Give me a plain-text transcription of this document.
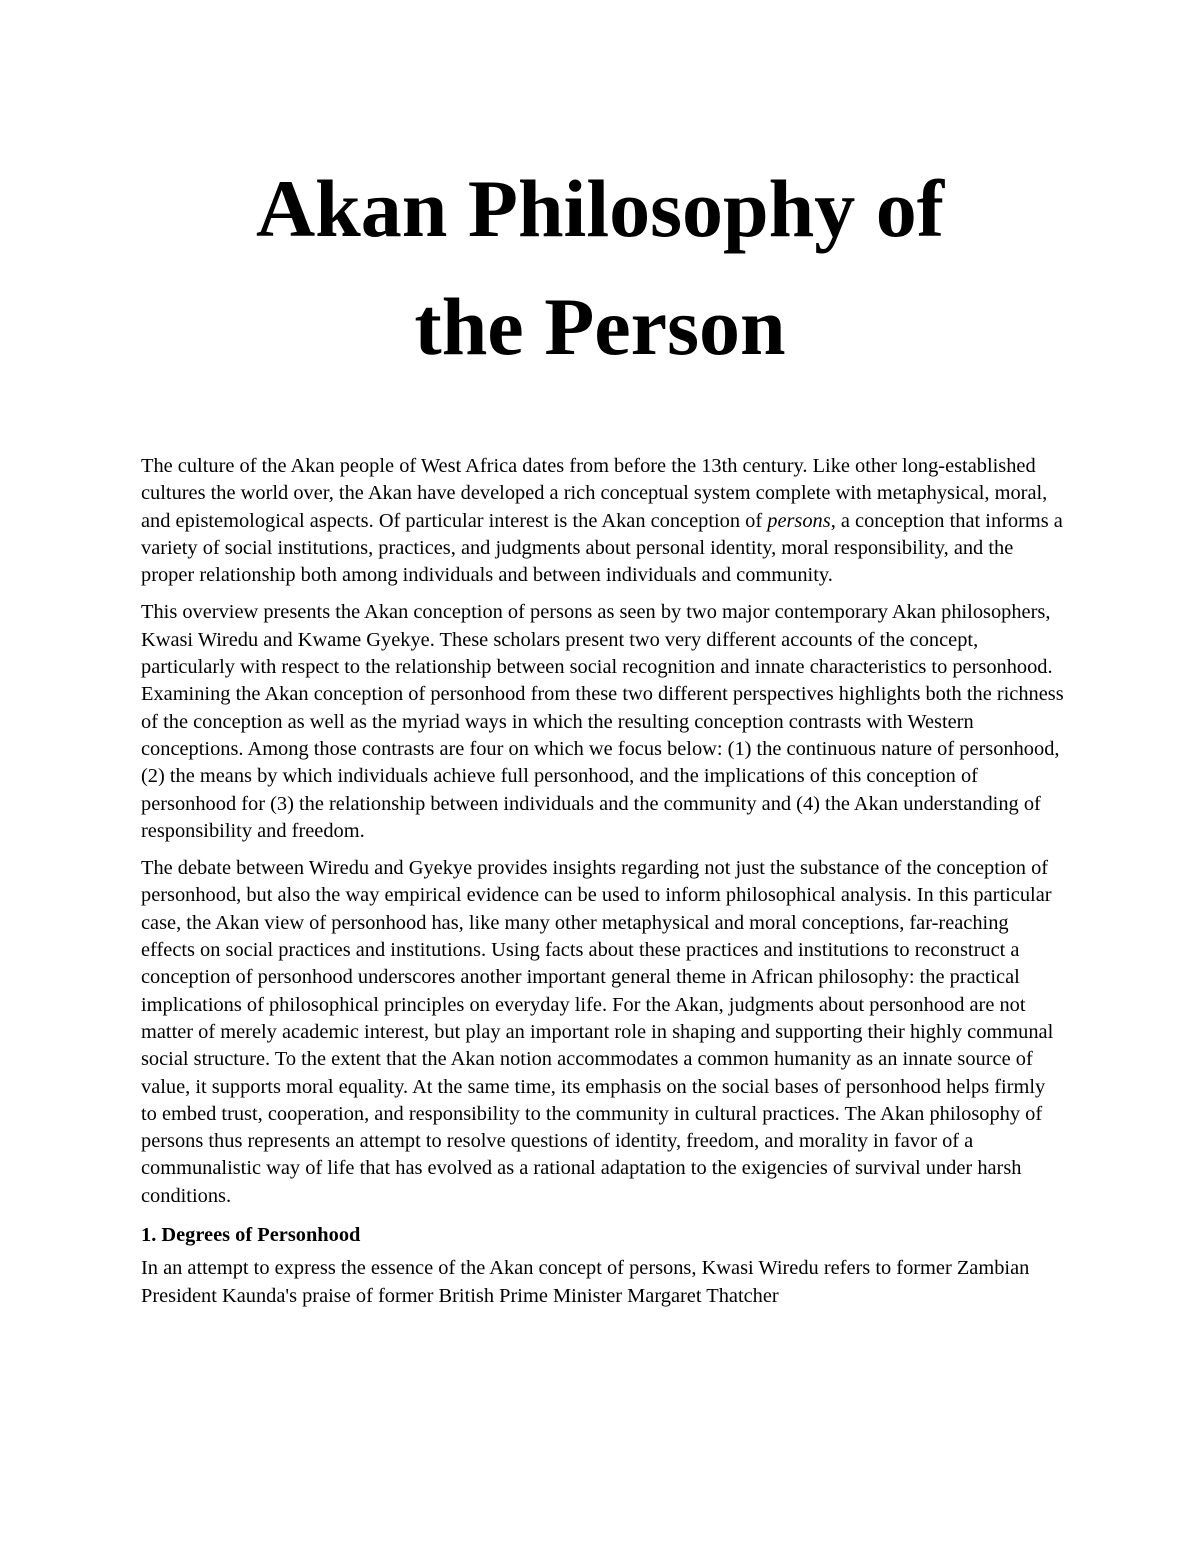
Akan Philosophy of
the Person

The culture of the Akan people of West Africa dates from before the 13th century. Like other long-established cultures the world over, the Akan have developed a rich conceptual system complete with metaphysical, moral, and epistemological aspects. Of particular interest is the Akan conception of persons, a conception that informs a variety of social institutions, practices, and judgments about personal identity, moral responsibility, and the proper relationship both among individuals and between individuals and community.

This overview presents the Akan conception of persons as seen by two major contemporary Akan philosophers, Kwasi Wiredu and Kwame Gyekye. These scholars present two very different accounts of the concept, particularly with respect to the relationship between social recognition and innate characteristics to personhood. Examining the Akan conception of personhood from these two different perspectives highlights both the richness of the conception as well as the myriad ways in which the resulting conception contrasts with Western conceptions. Among those contrasts are four on which we focus below: (1) the continuous nature of personhood, (2) the means by which individuals achieve full personhood, and the implications of this conception of personhood for (3) the relationship between individuals and the community and (4) the Akan understanding of responsibility and freedom.

The debate between Wiredu and Gyekye provides insights regarding not just the substance of the conception of personhood, but also the way empirical evidence can be used to inform philosophical analysis. In this particular case, the Akan view of personhood has, like many other metaphysical and moral conceptions, far-reaching effects on social practices and institutions. Using facts about these practices and institutions to reconstruct a conception of personhood underscores another important general theme in African philosophy: the practical implications of philosophical principles on everyday life. For the Akan, judgments about personhood are not matter of merely academic interest, but play an important role in shaping and supporting their highly communal social structure. To the extent that the Akan notion accommodates a common humanity as an innate source of value, it supports moral equality. At the same time, its emphasis on the social bases of personhood helps firmly to embed trust, cooperation, and responsibility to the community in cultural practices. The Akan philosophy of persons thus represents an attempt to resolve questions of identity, freedom, and morality in favor of a communalistic way of life that has evolved as a rational adaptation to the exigencies of survival under harsh conditions.

1. Degrees of Personhood

In an attempt to express the essence of the Akan concept of persons, Kwasi Wiredu refers to former Zambian President Kaunda's praise of former British Prime Minister Margaret Thatcher
